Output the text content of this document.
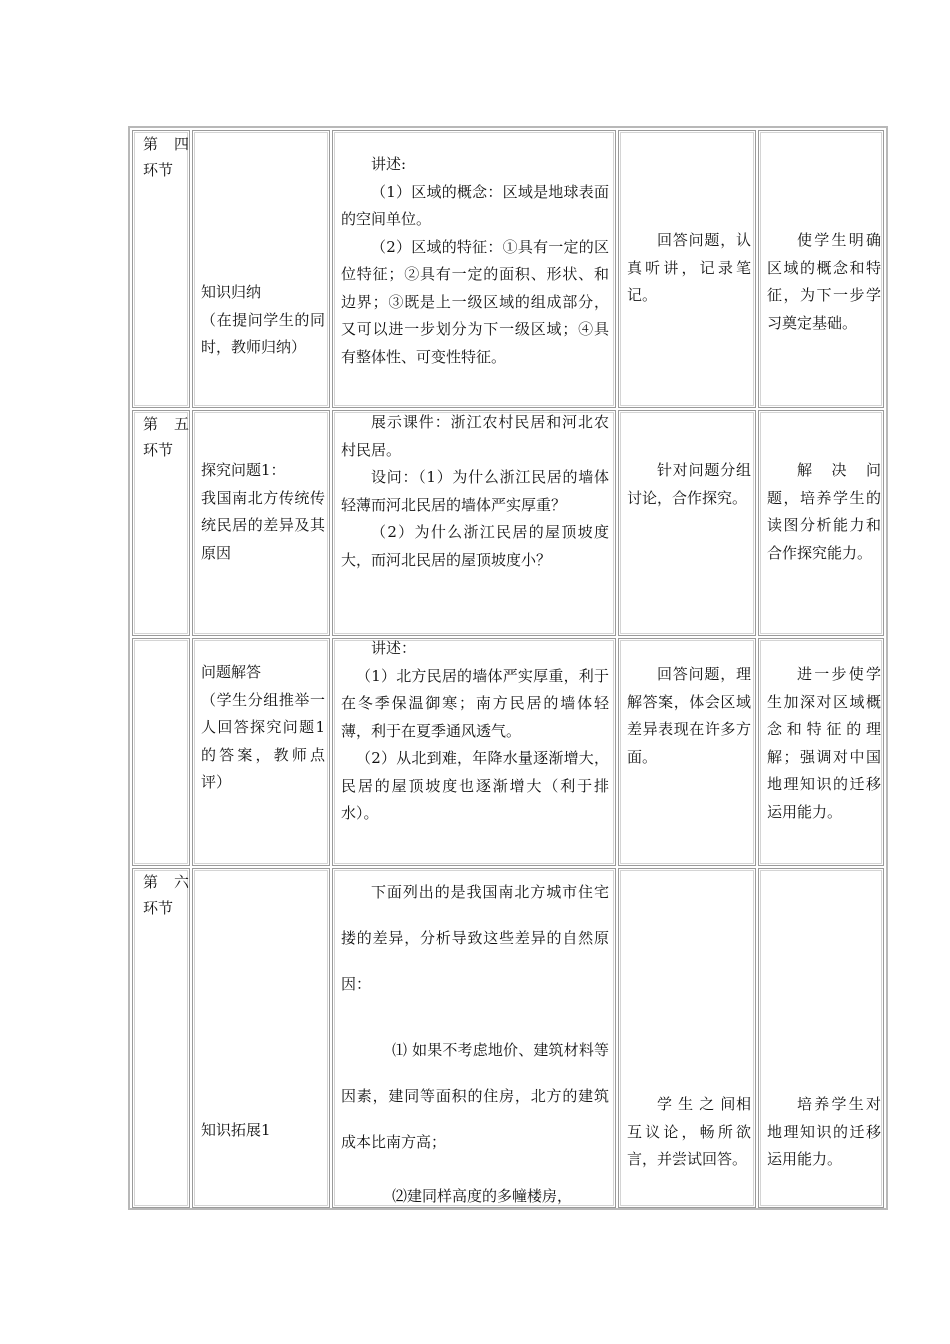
第 四环节

知识归纳

（在提问学生的同时，教师归纳）

讲述:

（1）区域的概念：区域是地球表面的空间单位。

（2）区域的特征：①具有一定的区位特征；②具有一定的面积、形状、和边界；③既是上一级区域的组成部分，又可以进一步划分为下一级区域；④具有整体性、可变性特征。

回答问题，认真听讲，记录笔记。
使学生明确区域的概念和特征，为下一步学习奠定基础。
第 五环节

探究问题1：

我国南北方传统传统民居的差异及其原因

展示课件：浙江农村民居和河北农村民居。

设问：（1）为什么浙江民居的墙体轻薄而河北民居的墙体严实厚重？

（2）为什么浙江民居的屋顶坡度大，而河北民居的屋顶坡度小？

针对问题分组讨论，合作探究。
解 决 问题，培养学生的读图分析能力和合作探究能力。

问题解答

（学生分组推举一人回答探究问题1的答案，教师点评）

讲述：

（1）北方民居的墙体严实厚重，利于在冬季保温御寒；南方民居的墙体轻薄，利于在夏季通风透气。

（2）从北到难，年降水量逐渐增大，民居的屋顶坡度也逐渐增大（利于排水）。

回答问题，理解答案，体会区域差异表现在许多方面。
进一步使学生加深对区域概念和特征的理解；强调对中国地理知识的迁移运用能力。
第 六环节

知识拓展1

下面列出的是我国南北方城市住宅搂的差异，分析导致这些差异的自然原因：

⑴ 如果不考虑地价、建筑材料等因素，建同等面积的住房，北方的建筑成本比南方高；

⑵建同样高度的多幢楼房，

学 生 之 间相互议论，畅所欲言，并尝试回答。
培养学生对地理知识的迁移运用能力。
